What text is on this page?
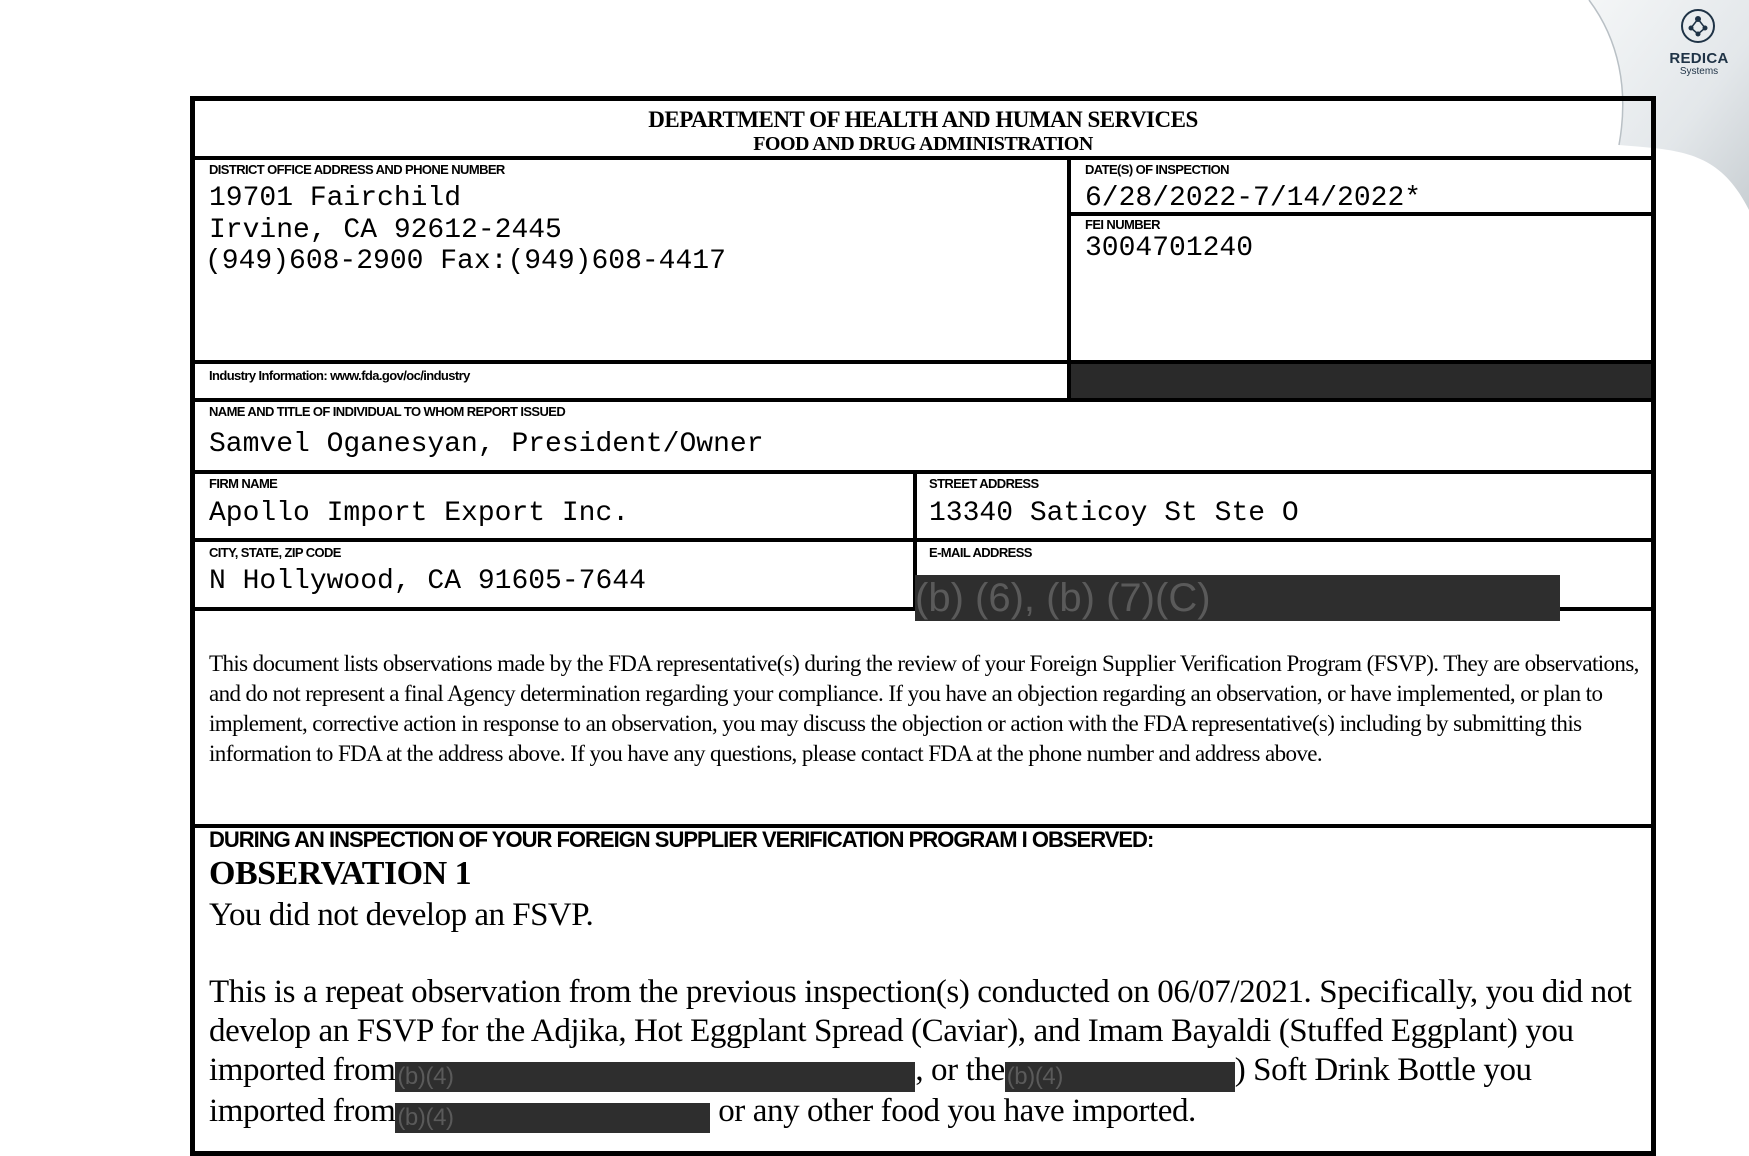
REDICA
Systems
DEPARTMENT OF HEALTH AND HUMAN SERVICES
FOOD AND DRUG ADMINISTRATION
DISTRICT OFFICE ADDRESS AND PHONE NUMBER
19701 Fairchild
Irvine, CA 92612-2445
(949)608-2900 Fax:(949)608-4417
DATE(S) OF INSPECTION
6/28/2022-7/14/2022*
FEI NUMBER
3004701240
Industry Information: www.fda.gov/oc/industry
NAME AND TITLE OF INDIVIDUAL TO WHOM REPORT ISSUED
Samvel Oganesyan, President/Owner
FIRM NAME
Apollo Import Export Inc.
STREET ADDRESS
13340 Saticoy St Ste O
CITY, STATE, ZIP CODE
N Hollywood, CA 91605-7644
E-MAIL ADDRESS
(b) (6), (b) (7)(C)
This document lists observations made by the FDA representative(s) during the review of your Foreign Supplier Verification Program (FSVP). They are observations, and do not represent a final Agency determination regarding your compliance. If you have an objection regarding an observation, or have implemented, or plan to implement, corrective action in response to an observation, you may discuss the objection or action with the FDA representative(s) including by submitting this information to FDA at the address above. If you have any questions, please contact FDA at the phone number and address above.
DURING AN INSPECTION OF YOUR FOREIGN SUPPLIER VERIFICATION PROGRAM I OBSERVED:
OBSERVATION 1
You did not develop an FSVP.
This is a repeat observation from the previous inspection(s) conducted on 06/07/2021. Specifically, you did not develop an FSVP for the Adjika, Hot Eggplant Spread (Caviar), and Imam Bayaldi (Stuffed Eggplant) you imported from(b)(4)	, or the(b)(4)	) Soft Drink Bottle you imported from(b)(4)	or any other food you have imported.
